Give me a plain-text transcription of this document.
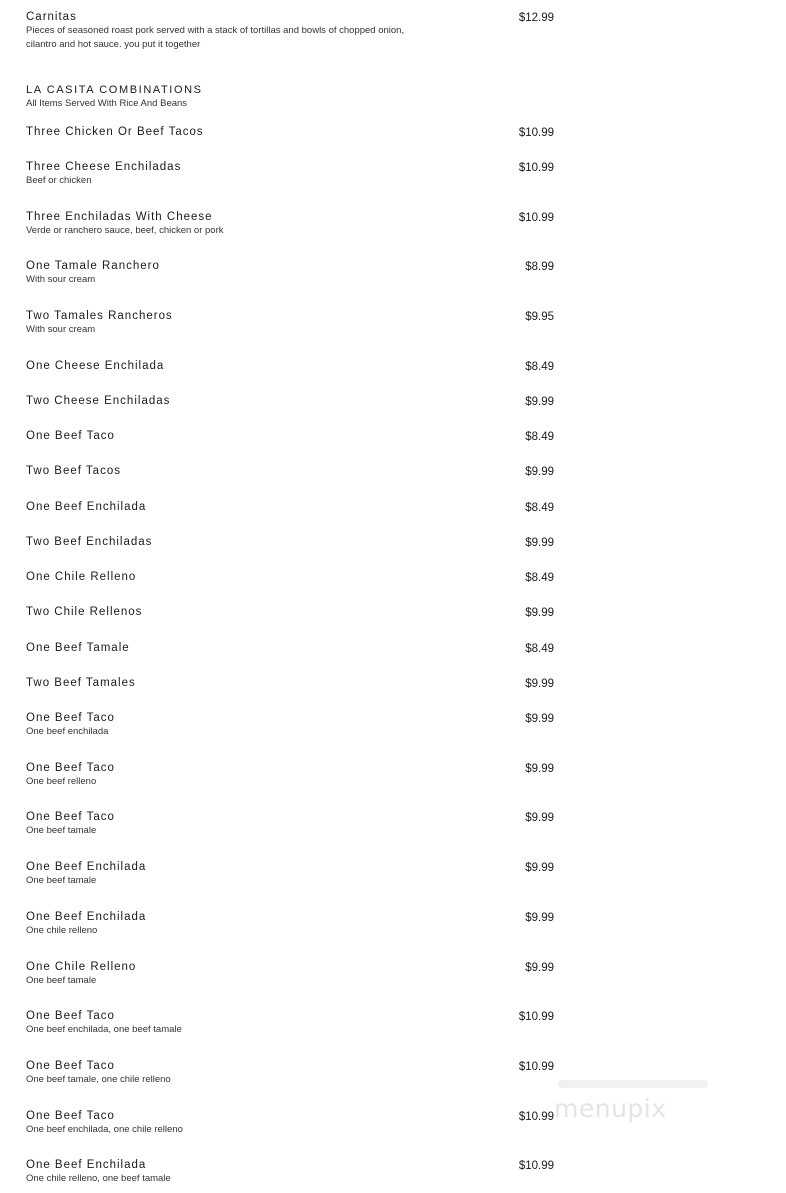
Carnitas
Pieces of seasoned roast pork served with a stack of tortillas and bowls of chopped onion, cilantro and hot sauce. you put it together
$12.99
LA CASITA COMBINATIONS
All Items Served With Rice And Beans
Three Chicken Or Beef Tacos	$10.99
Three Cheese Enchiladas
Beef or chicken
$10.99
Three Enchiladas With Cheese
Verde or ranchero sauce, beef, chicken or pork
$10.99
One Tamale Ranchero
With sour cream
$8.99
Two Tamales Rancheros
With sour cream
$9.95
One Cheese Enchilada	$8.49
Two Cheese Enchiladas	$9.99
One Beef Taco	$8.49
Two Beef Tacos	$9.99
One Beef Enchilada	$8.49
Two Beef Enchiladas	$9.99
One Chile Relleno	$8.49
Two Chile Rellenos	$9.99
One Beef Tamale	$8.49
Two Beef Tamales	$9.99
One Beef Taco
One beef enchilada
$9.99
One Beef Taco
One beef relleno
$9.99
One Beef Taco
One beef tamale
$9.99
One Beef Enchilada
One beef tamale
$9.99
One Beef Enchilada
One chile relleno
$9.99
One Chile Relleno
One beef tamale
$9.99
One Beef Taco
One beef enchilada, one beef tamale
$10.99
One Beef Taco
One beef tamale, one chile relleno
$10.99
One Beef Taco
One beef enchilada, one chile relleno
$10.99
One Beef Enchilada
One chile relleno, one beef tamale
$10.99
menupix
